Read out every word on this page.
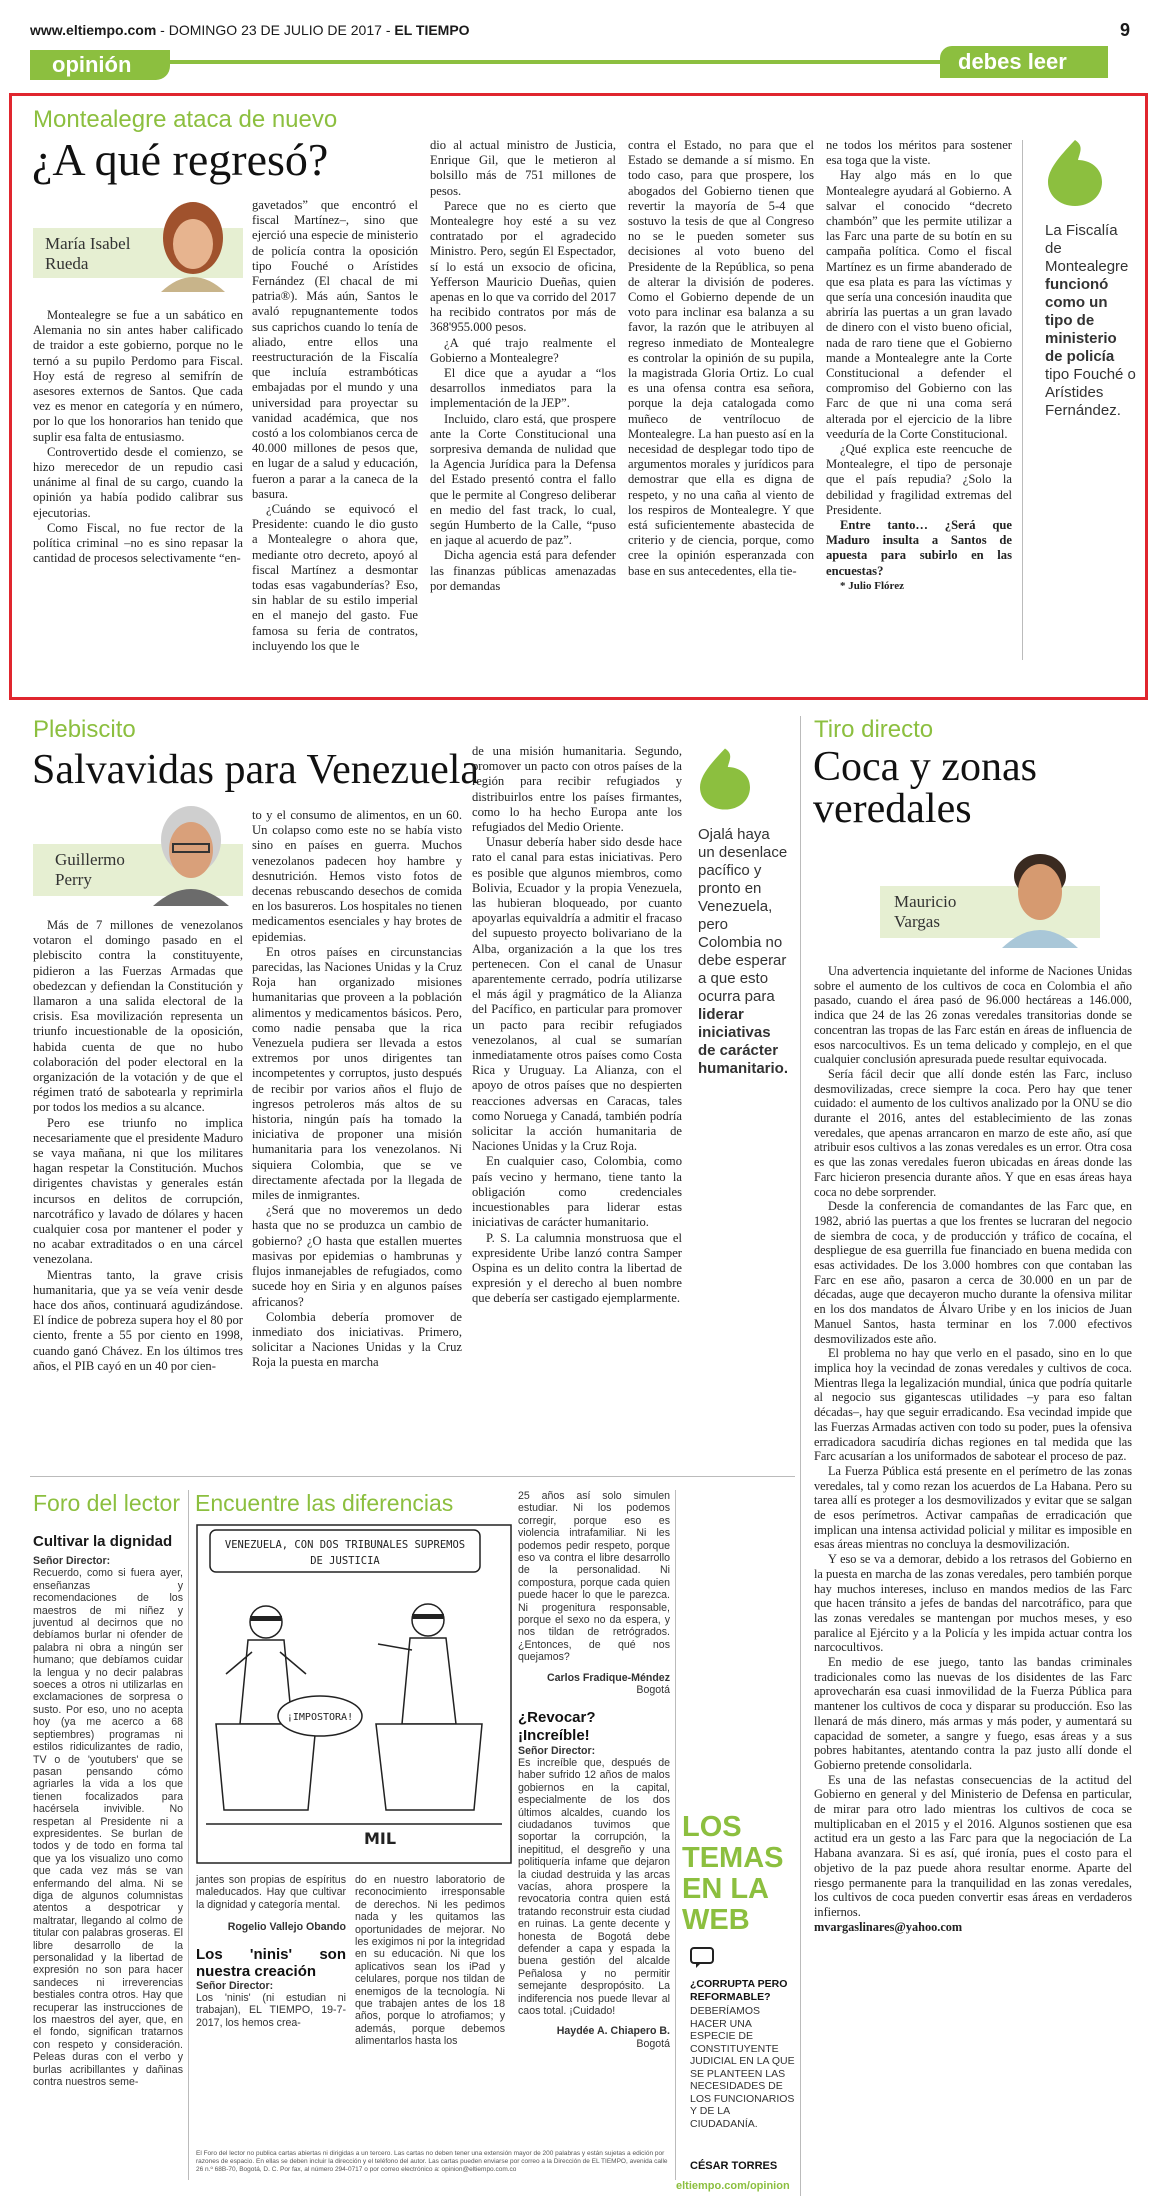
www.eltiempo.com - DOMINGO 23 DE JULIO DE 2017 - EL TIEMPO	9
opinión	debes leer
Montealegre ataca de nuevo
¿A qué regresó?
María Isabel Rueda

Montealegre se fue a un sabático en Alemania no sin antes haber calificado de traidor a este gobierno, porque no le ternó a su pupilo Perdomo para Fiscal. Hoy está de regreso al semifrín de asesores externos de Santos. Que cada vez es menor en categoría y en número, por lo que los honorarios han tenido que suplir esa falta de entusiasmo.

Controvertido desde el comienzo, se hizo merecedor de un repudio casi unánime al final de su cargo, cuando la opinión ya había podido calibrar sus ejecutorias.

Como Fiscal, no fue rector de la política criminal –no es sino repasar la cantidad de procesos selectivamente “en-

gavetados” que encontró el fiscal Martínez–, sino que ejerció una especie de ministerio de policía contra la oposición tipo Fouché o Arístides Fernández (El chacal de mi patria®). Más aún, Santos le avaló repugnantemente todos sus caprichos cuando lo tenía de aliado, entre ellos una reestructuración de la Fiscalía que incluía estrambóticas embajadas por el mundo y una universidad para proyectar su vanidad académica, que nos costó a los colombianos cerca de 40.000 millones de pesos que, en lugar de a salud y educación, fueron a parar a la caneca de la basura.

¿Cuándo se equivocó el Presidente: cuando le dio gusto a Montealegre o ahora que, mediante otro decreto, apoyó al fiscal Martínez a desmontar todas esas vagabunderías? Eso, sin hablar de su estilo imperial en el manejo del gasto. Fue famosa su feria de contratos, incluyendo los que le

dio al actual ministro de Justicia, Enrique Gil, que le metieron al bolsillo más de 751 millones de pesos.

Parece que no es cierto que Montealegre hoy esté a su vez contratado por el agradecido Ministro. Pero, según El Espectador, sí lo está un exsocio de oficina, Yefferson Mauricio Dueñas, quien apenas en lo que va corrido del 2017 ha recibido contratos por más de 368'955.000 pesos.

¿A qué trajo realmente el Gobierno a Montealegre?

El dice que a ayudar a “los desarrollos inmediatos para la implementación de la JEP”.

Incluido, claro está, que prospere ante la Corte Constitucional una sorpresiva demanda de nulidad que la Agencia Jurídica para la Defensa del Estado presentó contra el fallo que le permite al Congreso deliberar en medio del fast track, lo cual, según Humberto de la Calle, “puso en jaque al acuerdo de paz”.

Dicha agencia está para defender las finanzas públicas amenazadas por demandas

contra el Estado, no para que el Estado se demande a sí mismo. En todo caso, para que prospere, los abogados del Gobierno tienen que revertir la mayoría de 5-4 que sostuvo la tesis de que al Congreso no se le pueden someter sus decisiones al voto bueno del Presidente de la República, so pena de alterar la división de poderes. Como el Gobierno depende de un voto para inclinar esa balanza a su favor, la razón que le atribuyen al regreso inmediato de Montealegre es controlar la opinión de su pupila, la magistrada Gloria Ortiz. Lo cual es una ofensa contra esa señora, porque la deja catalogada como muñeco de ventrílocuo de Montealegre. La han puesto así en la necesidad de desplegar todo tipo de argumentos morales y jurídicos para demostrar que ella es digna de respeto, y no una caña al viento de los respiros de Montealegre. Y que está suficientemente abastecida de criterio y de ciencia, porque, como cree la opinión esperanzada con base en sus antecedentes, ella tie-

ne todos los méritos para sostener esa toga que la viste.

Hay algo más en lo que Montealegre ayudará al Gobierno. A salvar el conocido “decreto chambón” que les permite utilizar a las Farc una parte de su botín en su campaña política. Como el fiscal Martínez es un firme abanderado de que esa plata es para las víctimas y que sería una concesión inaudita que abriría las puertas a un gran lavado de dinero con el visto bueno oficial, nada de raro tiene que el Gobierno mande a Montealegre ante la Corte Constitucional a defender el compromiso del Gobierno con las Farc de que ni una coma será alterada por el ejercicio de la libre veeduría de la Corte Constitucional.

¿Qué explica este reencuche de Montealegre, el tipo de personaje que el país repudia? ¿Solo la debilidad y fragilidad extremas del Presidente.

Entre tanto… ¿Será que Maduro insulta a Santos de apuesta para subirlo en las encuestas?

* Julio Flórez

La Fiscalía de Montealegre funcionó como un tipo de ministerio de policía tipo Fouché o Arístides Fernández.
Plebiscito
Salvavidas para Venezuela
Guillermo Perry

Más de 7 millones de venezolanos votaron el domingo pasado en el plebiscito contra la constituyente, pidieron a las Fuerzas Armadas que obedezcan y defiendan la Constitución y llamaron a una salida electoral de la crisis. Esa movilización representa un triunfo incuestionable de la oposición, habida cuenta de que no hubo colaboración del poder electoral en la organización de la votación y de que el régimen trató de sabotearla y reprimirla por todos los medios a su alcance.

Pero ese triunfo no implica necesariamente que el presidente Maduro se vaya mañana, ni que los militares hagan respetar la Constitución. Muchos dirigentes chavistas y generales están incursos en delitos de corrupción, narcotráfico y lavado de dólares y hacen cualquier cosa por mantener el poder y no acabar extraditados o en una cárcel venezolana.

Mientras tanto, la grave crisis humanitaria, que ya se veía venir desde hace dos años, continuará agudizándose. El índice de pobreza supera hoy el 80 por ciento, frente a 55 por ciento en 1998, cuando ganó Chávez. En los últimos tres años, el PIB cayó en un 40 por cien-

to y el consumo de alimentos, en un 60. Un colapso como este no se había visto sino en países en guerra. Muchos venezolanos padecen hoy hambre y desnutrición. Hemos visto fotos de decenas rebuscando desechos de comida en los basureros. Los hospitales no tienen medicamentos esenciales y hay brotes de epidemias.

En otros países en circunstancias parecidas, las Naciones Unidas y la Cruz Roja han organizado misiones humanitarias que proveen a la población alimentos y medicamentos básicos. Pero, como nadie pensaba que la rica Venezuela pudiera ser llevada a estos extremos por unos dirigentes tan incompetentes y corruptos, justo después de recibir por varios años el flujo de ingresos petroleros más altos de su historia, ningún país ha tomado la iniciativa de proponer una misión humanitaria para los venezolanos. Ni siquiera Colombia, que se ve directamente afectada por la llegada de miles de inmigrantes.

¿Será que no moveremos un dedo hasta que no se produzca un cambio de gobierno? ¿O hasta que estallen muertes masivas por epidemias o hambrunas y flujos inmanejables de refugiados, como sucede hoy en Siria y en algunos países africanos?

Colombia debería promover de inmediato dos iniciativas. Primero, solicitar a Naciones Unidas y la Cruz Roja la puesta en marcha

de una misión humanitaria. Segundo, promover un pacto con otros países de la región para recibir refugiados y distribuirlos entre los países firmantes, como lo ha hecho Europa ante los refugiados del Medio Oriente.

Unasur debería haber sido desde hace rato el canal para estas iniciativas. Pero es posible que algunos miembros, como Bolivia, Ecuador y la propia Venezuela, las hubieran bloqueado, por cuanto apoyarlas equivaldría a admitir el fracaso del supuesto proyecto bolivariano de la Alba, organización a la que los tres pertenecen. Con el canal de Unasur aparentemente cerrado, podría utilizarse el más ágil y pragmático de la Alianza del Pacífico, en particular para promover un pacto para recibir refugiados venezolanos, al cual se sumarían inmediatamente otros países como Costa Rica y Uruguay. La Alianza, con el apoyo de otros países que no despierten reacciones adversas en Caracas, tales como Noruega y Canadá, también podría solicitar la acción humanitaria de Naciones Unidas y la Cruz Roja.

En cualquier caso, Colombia, como país vecino y hermano, tiene tanto la obligación como credenciales incuestionables para liderar estas iniciativas de carácter humanitario.

P. S. La calumnia monstruosa que el expresidente Uribe lanzó contra Samper Ospina es un delito contra la libertad de expresión y el derecho al buen nombre que debería ser castigado ejemplarmente.

Ojalá haya un desenlace pacífico y pronto en Venezuela, pero Colombia no debe esperar a que esto ocurra para liderar iniciativas de carácter humanitario.
Tiro directo
Coca y zonas veredales
Mauricio Vargas

Una advertencia inquietante del informe de Naciones Unidas sobre el aumento de los cultivos de coca en Colombia el año pasado, cuando el área pasó de 96.000 hectáreas a 146.000, indica que 24 de las 26 zonas veredales transitorias donde se concentran las tropas de las Farc están en áreas de influencia de esos narcocultivos. Es un tema delicado y complejo, en el que cualquier conclusión apresurada puede resultar equivocada.

Sería fácil decir que allí donde estén las Farc, incluso desmovilizadas, crece siempre la coca. Pero hay que tener cuidado: el aumento de los cultivos analizado por la ONU se dio durante el 2016, antes del establecimiento de las zonas veredales, que apenas arrancaron en marzo de este año, así que atribuir esos cultivos a las zonas veredales es un error. Otra cosa es que las zonas veredales fueron ubicadas en áreas donde las Farc hicieron presencia durante años. Y que en esas áreas haya coca no debe sorprender.

Desde la conferencia de comandantes de las Farc que, en 1982, abrió las puertas a que los frentes se lucraran del negocio de siembra de coca, y de producción y tráfico de cocaína, el despliegue de esa guerrilla fue financiado en buena medida con esas actividades. De los 3.000 hombres con que contaban las Farc en ese año, pasaron a cerca de 30.000 en un par de décadas, auge que decayeron mucho durante la ofensiva militar en los dos mandatos de Álvaro Uribe y en los inicios de Juan Manuel Santos, hasta terminar en los 7.000 efectivos desmovilizados este año.

El problema no hay que verlo en el pasado, sino en lo que implica hoy la vecindad de zonas veredales y cultivos de coca. Mientras llega la legalización mundial, única que podría quitarle al negocio sus gigantescas utilidades –y para eso faltan décadas–, hay que seguir erradicando. Esa vecindad impide que las Fuerzas Armadas activen con todo su poder, pues la ofensiva erradicadora sacudiría dichas regiones en tal medida que las Farc acusarían a los uniformados de sabotear el proceso de paz.

La Fuerza Pública está presente en el perímetro de las zonas veredales, tal y como rezan los acuerdos de La Habana. Pero su tarea allí es proteger a los desmovilizados y evitar que se salgan de esos perímetros. Activar campañas de erradicación que implican una intensa actividad policial y militar es imposible en esas áreas mientras no concluya la desmovilización.

Y eso se va a demorar, debido a los retrasos del Gobierno en la puesta en marcha de las zonas veredales, pero también porque hay muchos intereses, incluso en mandos medios de las Farc que hacen tránsito a jefes de bandas del narcotráfico, para que las zonas veredales se mantengan por muchos meses, y eso paralice al Ejército y a la Policía y les impida actuar contra los narcocultivos.

En medio de ese juego, tanto las bandas criminales tradicionales como las nuevas de los disidentes de las Farc aprovecharán esa cuasi inmovilidad de la Fuerza Pública para mantener los cultivos de coca y disparar su producción. Eso las llenará de más dinero, más armas y más poder, y aumentará su capacidad de someter, a sangre y fuego, esas áreas y a sus pobres habitantes, atentando contra la paz justo allí donde el Gobierno pretende consolidarla.

Es una de las nefastas consecuencias de la actitud del Gobierno en general y del Ministerio de Defensa en particular, de mirar para otro lado mientras los cultivos de coca se multiplicaban en el 2015 y el 2016. Algunos sostienen que esa actitud era un gesto a las Farc para que la negociación de La Habana avanzara. Si es así, qué ironía, pues el costo para el objetivo de la paz puede ahora resultar enorme. Aparte del riesgo permanente para la tranquilidad en las zonas veredales, los cultivos de coca pueden convertir esas áreas en verdaderos infiernos.

mvargaslinares@yahoo.com

Foro del lector
Cultivar la dignidad

Señor Director:

Recuerdo, como si fuera ayer, enseñanzas y recomendaciones de los maestros de mi niñez y juventud al decirnos que no debíamos burlar ni ofender de palabra ni obra a ningún ser humano; que debíamos cuidar la lengua y no decir palabras soeces a otros ni utilizarlas en exclamaciones de sorpresa o susto. Por eso, uno no acepta hoy (ya me acerco a 68 septiembres) programas ni estilos ridiculizantes de radio, TV o de 'youtubers' que se pasan pensando cómo agriarles la vida a los que tienen focalizados para hacérsela invivible. No respetan al Presidente ni a expresidentes. Se burlan de todos y de todo en forma tal que ya los visualizo uno como que cada vez más se van enfermando del alma. Ni se diga de algunos columnistas atentos a despotricar y maltratar, llegando al colmo de titular con palabras groseras. El libre desarrollo de la personalidad y la libertad de expresión no son para hacer sandeces ni irreverencias bestiales contra otros. Hay que recuperar las instrucciones de los maestros del ayer, que, en el fondo, significan tratarnos con respeto y consideración. Peleas duras con el verbo y burlas acribillantes y dañinas contra nuestros seme-

Encuentre las diferencias
VENEZUELA, CON DOS TRIBUNALES SUPREMOS
DE JUSTICIA
¡IMPOSTORA!
MIL

jantes son propias de espíritus maleducados. Hay que cultivar la dignidad y categoría mental.

Rogelio Vallejo Obando

Los 'ninis' son nuestra creación

Señor Director:

Los 'ninis' (ni estudian ni trabajan), EL TIEMPO, 19-7-2017, los hemos crea-

do en nuestro laboratorio de reconocimiento irresponsable de derechos. Ni les pedimos nada y les quitamos las oportunidades de mejorar. No les exigimos ni por la integridad en su educación. Ni que los aplicativos sean los iPad y celulares, porque nos tildan de enemigos de la tecnología. Ni que trabajen antes de los 18 años, porque lo atrofiamos; y además, porque debemos alimentarlos hasta los

25 años así solo simulen estudiar. Ni los podemos corregir, porque eso es violencia intrafamiliar. Ni les podemos pedir respeto, porque eso va contra el libre desarrollo de la personalidad. Ni compostura, porque cada quien puede hacer lo que le parezca. Ni progenitura responsable, porque el sexo no da espera, y nos tildan de retrógrados. ¿Entonces, de qué nos quejamos?

Carlos Fradique-Méndez

Bogotá

¿Revocar? ¡Increíble!

Señor Director:

Es increíble que, después de haber sufrido 12 años de malos gobiernos en la capital, especialmente de los dos últimos alcaldes, cuando los ciudadanos tuvimos que soportar la corrupción, la inepititud, el desgreño y una politiquería infame que dejaron la ciudad destruida y las arcas vacías, ahora prospere la revocatoria contra quien está tratando reconstruir esta ciudad en ruinas. La gente decente y honesta de Bogotá debe defender a capa y espada la buena gestión del alcalde Peñalosa y no permitir semejante despropósito. La indiferencia nos puede llevar al caos total. ¡Cuidado!

Haydée A. Chiapero B.

Bogotá

El Foro del lector no publica cartas abiertas ni dirigidas a un tercero. Las cartas no deben tener una extensión mayor de 200 palabras y están sujetas a edición por razones de espacio. En ellas se deben incluir la dirección y el teléfono del autor. Las cartas pueden enviarse por correo a la Dirección de EL TIEMPO, avenida calle 26 n.º 68B-70, Bogotá, D. C. Por fax, al número 294-0717 o por correo electrónico a: opinion@eltiempo.com.co
LOS
TEMAS
EN LA
WEB
¿CORRUPTA PERO REFORMABLE?
DEBERÍAMOS HACER UNA ESPECIE DE CONSTITUYENTE JUDICIAL EN LA QUE SE PLANTEEN LAS NECESIDADES DE LOS FUNCIONARIOS Y DE LA CIUDADANÍA.
CÉSAR TORRES
eltiempo.com/opinion
